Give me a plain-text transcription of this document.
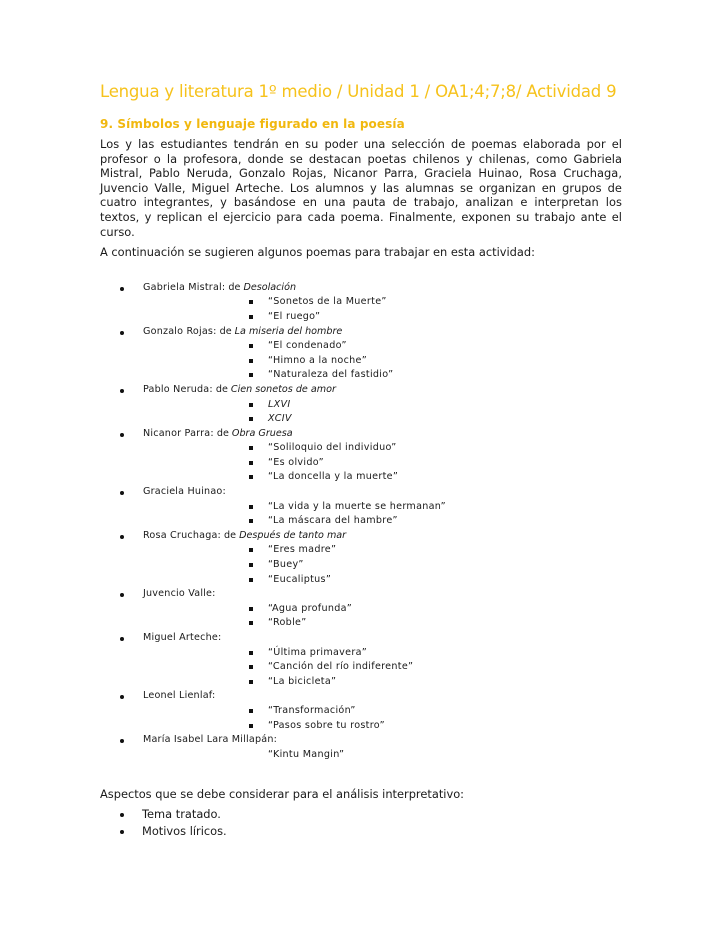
Lengua y literatura 1º medio / Unidad 1 / OA1;4;7;8/ Actividad 9
9. Símbolos y lenguaje figurado en la poesía

Los y las estudiantes tendrán en su poder una selección de poemas elaborada por el profesor o la profesora, donde se destacan poetas chilenos y chilenas, como Gabriela Mistral, Pablo Neruda, Gonzalo Rojas, Nicanor Parra, Graciela Huinao, Rosa Cruchaga, Juvencio Valle, Miguel Arteche. Los alumnos y las alumnas se organizan en grupos de cuatro integrantes, y basándose en una pauta de trabajo, analizan e interpretan los textos, y replican el ejercicio para cada poema. Finalmente, exponen su trabajo ante el curso.

A continuación se sugieren algunos poemas para trabajar en esta actividad:

Gabriela Mistral: de Desolación
“Sonetos de la Muerte”
“El ruego”
Gonzalo Rojas: de La miseria del hombre
“El condenado”
“Himno a la noche”
“Naturaleza del fastidio”
Pablo Neruda: de Cien sonetos de amor
LXVI
XCIV
Nicanor Parra: de Obra Gruesa
“Soliloquio del individuo”
“Es olvido”
“La doncella y la muerte”
Graciela Huinao:
“La vida y la muerte se hermanan”
“La máscara del hambre”
Rosa Cruchaga: de Después de tanto mar
“Eres madre”
“Buey”
“Eucaliptus”
Juvencio Valle:
“Agua profunda”
“Roble”
Miguel Arteche:
“Última primavera”
“Canción del río indiferente”
“La bicicleta”
Leonel Lienlaf:
“Transformación”
“Pasos sobre tu rostro”
María Isabel Lara Millapán:
“Kintu Mangin”

Aspectos que se debe considerar para el análisis interpretativo:

Tema tratado.
Motivos líricos.
